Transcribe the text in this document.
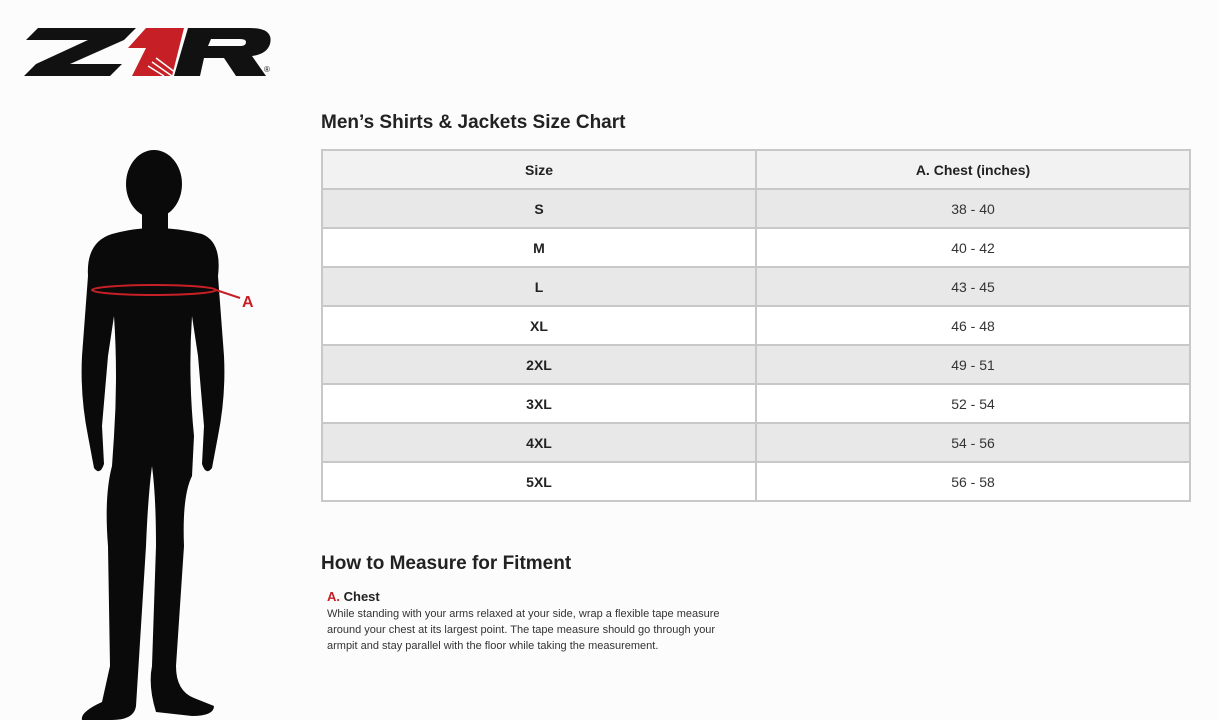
®
A
Men’s Shirts & Jackets Size Chart
Size	A. Chest (inches)
S	38 - 40
M	40 - 42
L	43 - 45
XL	46 - 48
2XL	49 - 51
3XL	52 - 54
4XL	54 - 56
5XL	56 - 58
How to Measure for Fitment
A. Chest
While standing with your arms relaxed at your side, wrap a flexible tape measure
around your chest at its largest point. The tape measure should go through your
armpit and stay parallel with the floor while taking the measurement.
